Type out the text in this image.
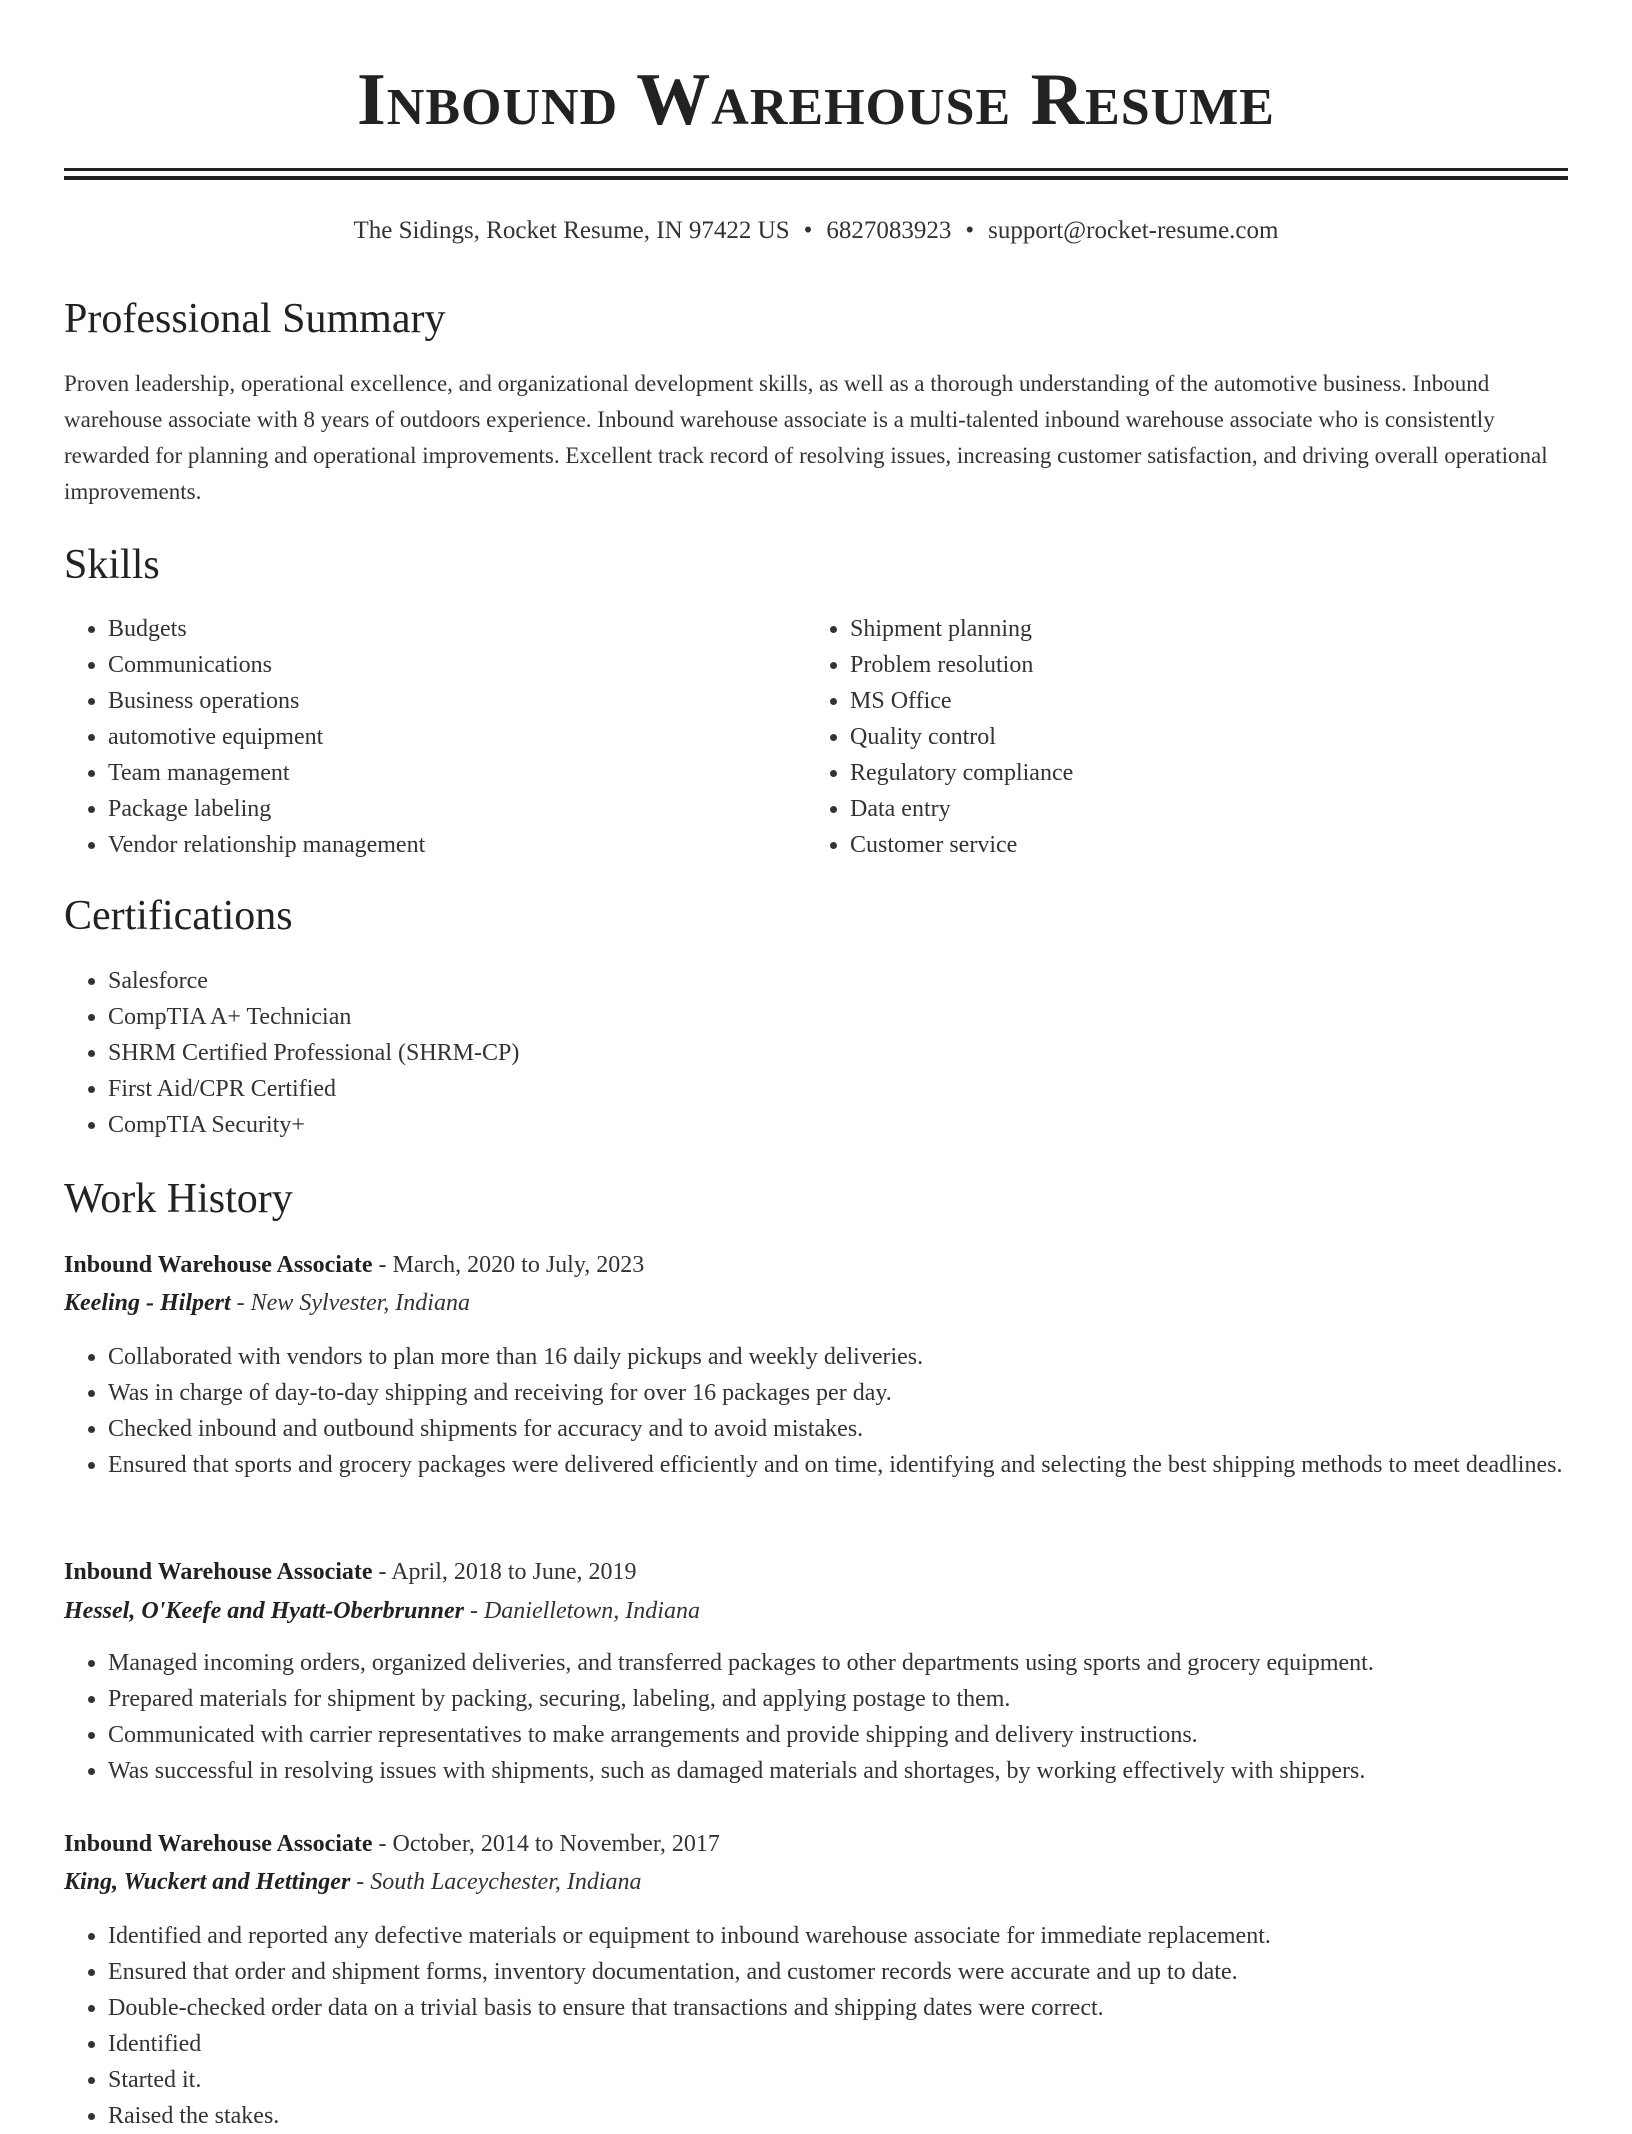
Inbound Warehouse Resume
The Sidings, Rocket Resume, IN 97422 US • 6827083923 • support@rocket-resume.com
Professional Summary

Proven leadership, operational excellence, and organizational development skills, as well as a thorough understanding of the automotive business. Inbound warehouse associate with 8 years of outdoors experience. Inbound warehouse associate is a multi-talented inbound warehouse associate who is consistently rewarded for planning and operational improvements. Excellent track record of resolving issues, increasing customer satisfaction, and driving overall operational improvements.

Skills
• Budgets
• Communications
• Business operations
• automotive equipment
• Team management
• Package labeling
• Vendor relationship management
• Shipment planning
• Problem resolution
• MS Office
• Quality control
• Regulatory compliance
• Data entry
• Customer service
Certifications
• Salesforce
• CompTIA A+ Technician
• SHRM Certified Professional (SHRM-CP)
• First Aid/CPR Certified
• CompTIA Security+
Work History
Inbound Warehouse Associate - March, 2020 to July, 2023
Keeling - Hilpert - New Sylvester, Indiana
• Collaborated with vendors to plan more than 16 daily pickups and weekly deliveries.
• Was in charge of day-to-day shipping and receiving for over 16 packages per day.
• Checked inbound and outbound shipments for accuracy and to avoid mistakes.
• Ensured that sports and grocery packages were delivered efficiently and on time, identifying and selecting the best shipping methods to meet deadlines.
Inbound Warehouse Associate - April, 2018 to June, 2019
Hessel, O'Keefe and Hyatt-Oberbrunner - Danielletown, Indiana
• Managed incoming orders, organized deliveries, and transferred packages to other departments using sports and grocery equipment.
• Prepared materials for shipment by packing, securing, labeling, and applying postage to them.
• Communicated with carrier representatives to make arrangements and provide shipping and delivery instructions.
• Was successful in resolving issues with shipments, such as damaged materials and shortages, by working effectively with shippers.
Inbound Warehouse Associate - October, 2014 to November, 2017
King, Wuckert and Hettinger - South Laceychester, Indiana
• Identified and reported any defective materials or equipment to inbound warehouse associate for immediate replacement.
• Ensured that order and shipment forms, inventory documentation, and customer records were accurate and up to date.
• Double-checked order data on a trivial basis to ensure that transactions and shipping dates were correct.
• Identified
• Started it.
• Raised the stakes.
